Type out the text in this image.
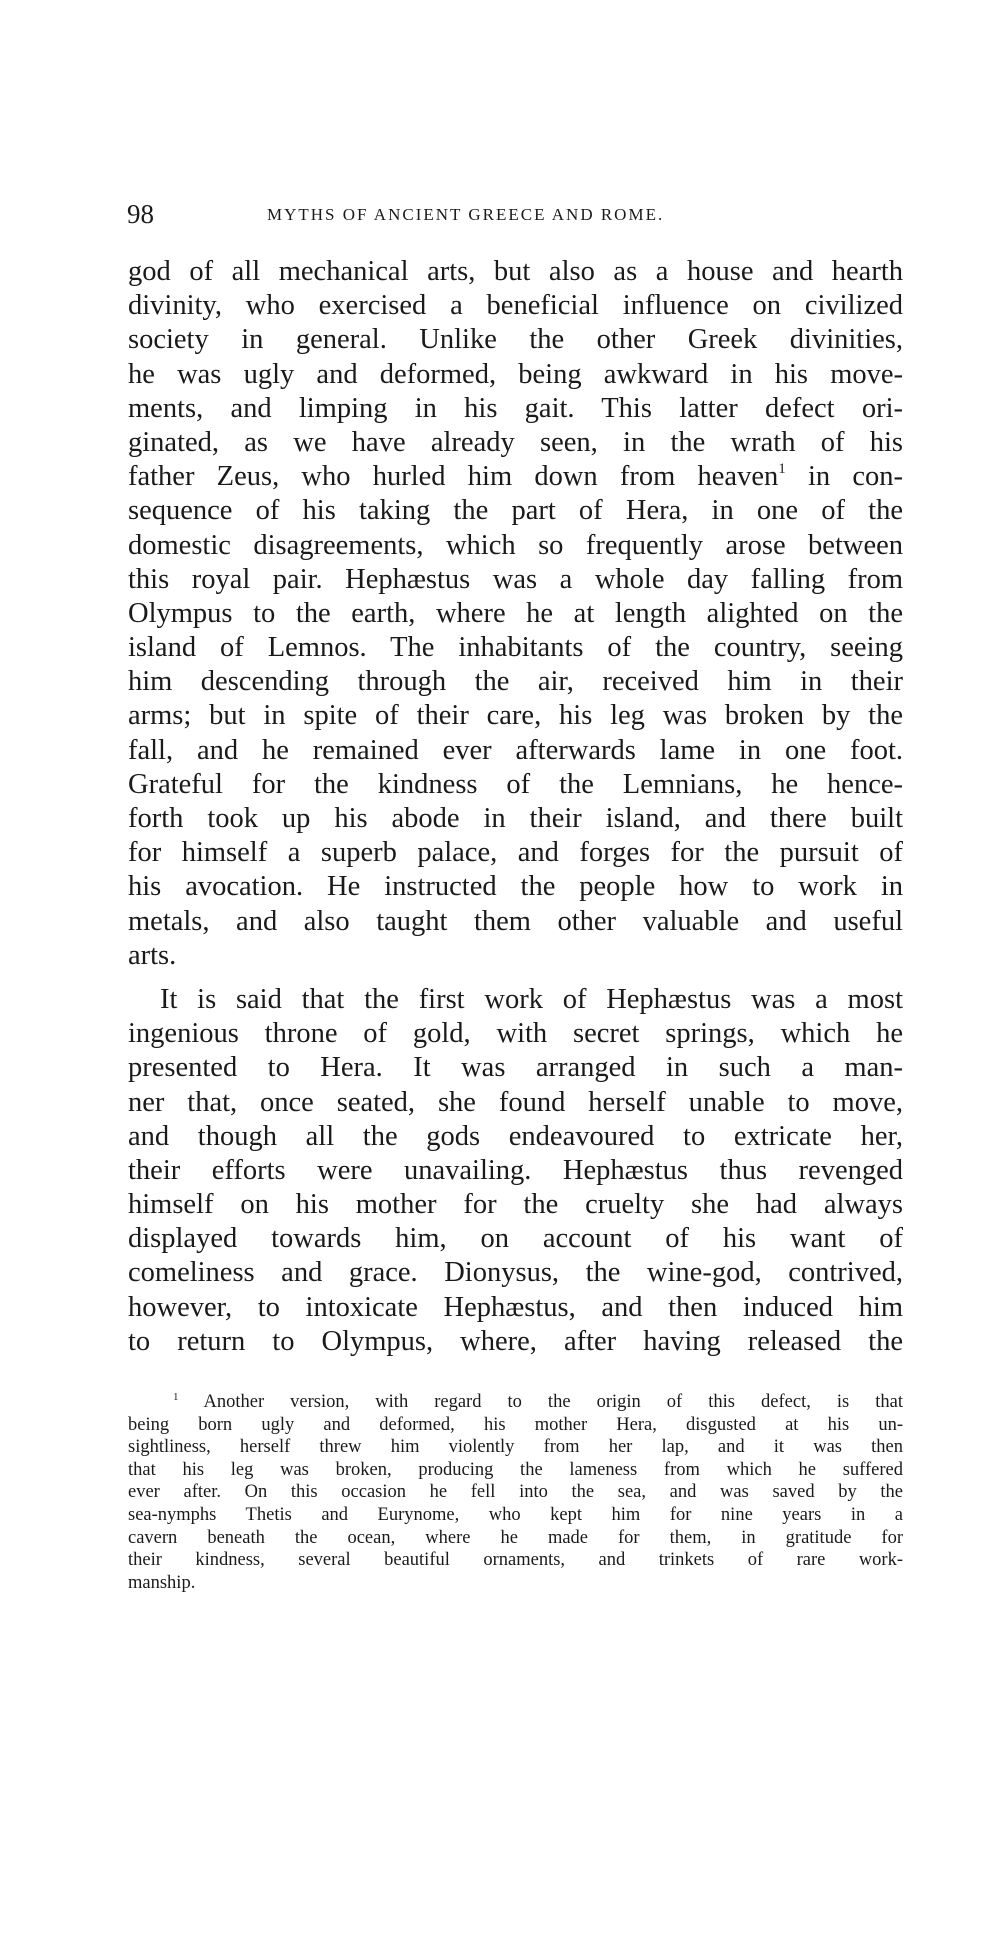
98	MYTHS OF ANCIENT GREECE AND ROME.
god of all mechanical arts, but also as a house and hearth
divinity, who exercised a beneficial influence on civilized
society in general. Unlike the other Greek divinities,
he was ugly and deformed, being awkward in his move-
ments, and limping in his gait. This latter defect ori-
ginated, as we have already seen, in the wrath of his
father Zeus, who hurled him down from heaven$^1$ in con-
sequence of his taking the part of Hera, in one of the
domestic disagreements, which so frequently arose between
this royal pair. Hephæstus was a whole day falling from
Olympus to the earth, where he at length alighted on the
island of Lemnos. The inhabitants of the country, seeing
him descending through the air, received him in their
arms; but in spite of their care, his leg was broken by the
fall, and he remained ever afterwards lame in one foot.
Grateful for the kindness of the Lemnians, he hence-
forth took up his abode in their island, and there built
for himself a superb palace, and forges for the pursuit of
his avocation. He instructed the people how to work in
metals, and also taught them other valuable and useful
arts.
It is said that the first work of Hephæstus was a most
ingenious throne of gold, with secret springs, which he
presented to Hera. It was arranged in such a man-
ner that, once seated, she found herself unable to move,
and though all the gods endeavoured to extricate her,
their efforts were unavailing. Hephæstus thus revenged
himself on his mother for the cruelty she had always
displayed towards him, on account of his want of
comeliness and grace. Dionysus, the wine-god, contrived,
however, to intoxicate Hephæstus, and then induced him
to return to Olympus, where, after having released the
$^1$ Another version, with regard to the origin of this defect, is that
being born ugly and deformed, his mother Hera, disgusted at his un-
sightliness, herself threw him violently from her lap, and it was then
that his leg was broken, producing the lameness from which he suffered
ever after. On this occasion he fell into the sea, and was saved by the
sea-nymphs Thetis and Eurynome, who kept him for nine years in a
cavern beneath the ocean, where he made for them, in gratitude for
their kindness, several beautiful ornaments, and trinkets of rare work-
manship.
